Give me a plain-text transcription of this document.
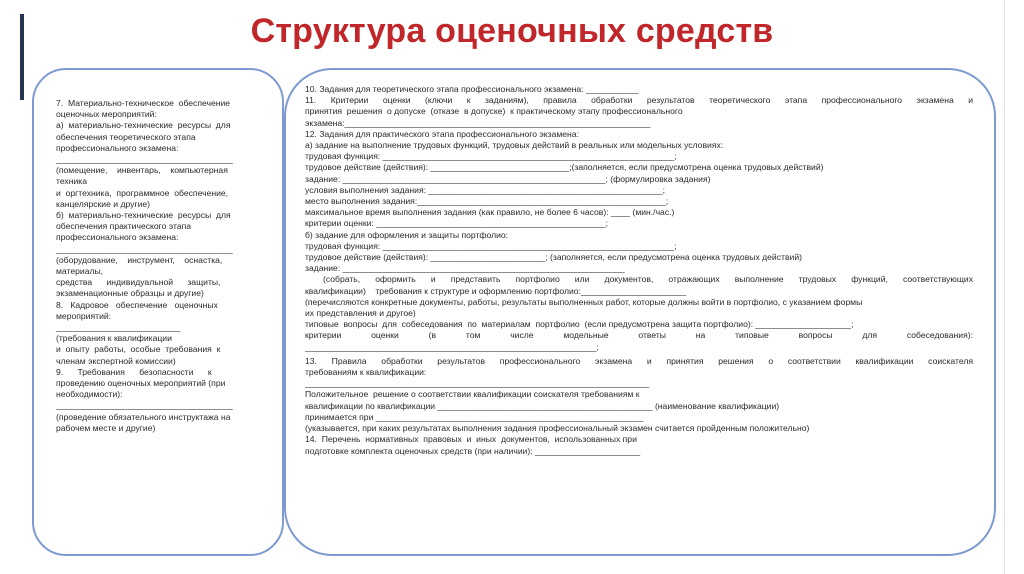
Структура оценочных средств

7.  Материально-техническое  обеспечение

оценочных мероприятий:

а)  материально-технические  ресурсы  для

обеспечения теоретического этапа

профессионального экзамена:

_____________________________________

(помещение,    инвентарь,    компьютерная

техника

и  оргтехника,  программное  обеспечение,

канцелярские и другие)

б)  материально-технические  ресурсы  для

обеспечения практического этапа

профессионального экзамена:

_____________________________________

(оборудование,    инструмент,    оснастка,

материалы,

средства      индивидуальной      защиты,

экзаменационные образцы и другие)

8.   Кадровое   обеспечение   оценочных

мероприятий:

__________________________

(требования к квалификации

и  опыту  работы,  особые  требования  к

членам экспертной комиссии)

9.      Требования      безопасности      к

проведению оценочных мероприятий (при

необходимости):

_____________________________________

(проведение обязательного инструктажа на

рабочем месте и другие)

10. Задания для теоретического этапа профессионального экзамена: ___________

11. Критерии оценки (ключи к заданиям), правила обработки результатов теоретического этапа профессионального экзамена и

принятия  решения  о допуске  (отказе  в допуске)  к практическому этапу профессионального

экзамена:________________________________________________________________

12. Задания для практического этапа профессионального экзамена:

а) задание на выполнение трудовых функций, трудовых действий в реальных или модельных условиях:

трудовая функция: _____________________________________________________________;

трудовое действие (действия): _____________________________;(заполняется, если предусмотрена оценка трудовых действий)

задание: _______________________________________________________; (формулировка задания)

условия выполнения задания: _________________________________________________;

место выполнения задания:____________________________________________________;

максимальное время выполнения задания (как правило, не более 6 часов): ____ (мин./час.)

критерии оценки: ________________________________________________;

б) задание для оформления и защиты портфолио:

трудовая функция: _____________________________________________________________;

трудовое действие (действия): ________________________; (заполняется, если предусмотрена оценка трудовых действий)

задание: ___________________________________________________________

(собрать, оформить и представить портфолио или документов, отражающих выполнение трудовых функций, соответствующих

квалификации)    требования к структуре и оформлению портфолио:______________________

(перечисляются конкретные документы, работы, результаты выполненных работ, которые должны войти в портфолио, с указанием формы

их представления и другое)

типовые  вопросы  для  собеседования  по  материалам  портфолио  (если предусмотрена защита портфолио): ____________________;

критерии оценки (в том числе модельные ответы на типовые вопросы для собеседования):

_____________________________________________________________;

13. Правила обработки результатов профессионального экзамена и принятия решения о соответствии квалификации соискателя

требованиям к квалификации:

________________________________________________________________________

Положительное  решение о соответствии квалификации соискателя требованиям к

квалификации по квалификации _____________________________________________ (наименование квалификации)

принимается при ________________________________________________________

(указывается, при каких результатах выполнения задания профессиональный экзамен считается пройденным положительно)

14.  Перечень  нормативных  правовых  и  иных  документов,  использованных при

подготовке комплекта оценочных средств (при наличии): ______________________
